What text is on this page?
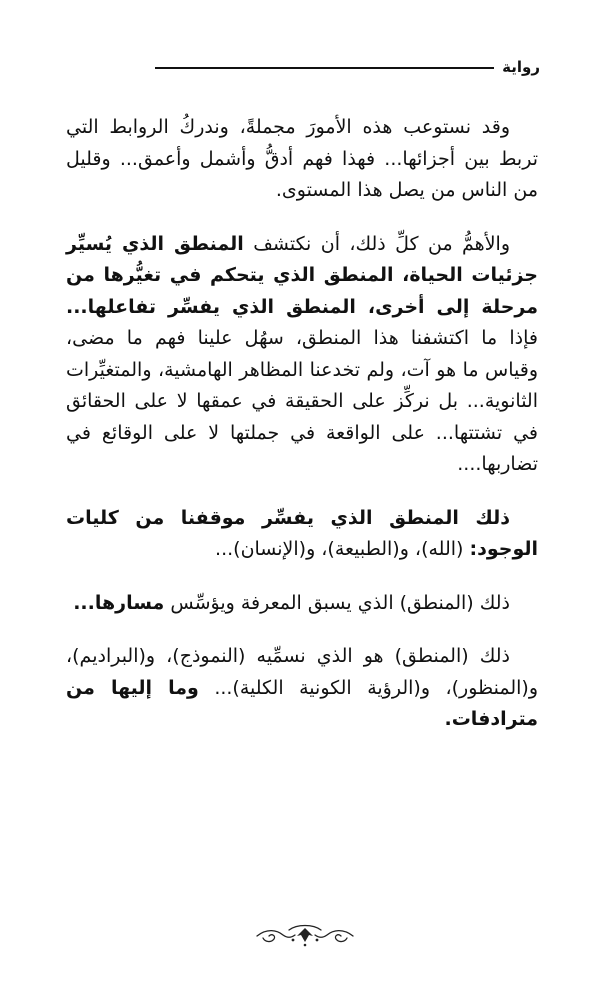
رواية

وقد نستوعب هذه الأمورَ مجملةً، وندركُ الروابط التي تربط بين أجزائها... فهذا فهم أدقُّ وأشمل وأعمق... وقليل من الناس من يصل هذا المستوى.

والأهمُّ من كلِّ ذلك، أن نكتشف المنطق الذي يُسيِّر جزئيات الحياة، المنطق الذي يتحكم في تغيُّرها من مرحلة إلى أخرى، المنطق الذي يفسِّر تفاعلها... فإذا ما اكتشفنا هذا المنطق، سهُل علينا فهم ما مضى، وقياس ما هو آت، ولم تخدعنا المظاهر الهامشية، والمتغيِّرات الثانوية... بل نركِّز على الحقيقة في عمقها لا على الحقائق في تشتتها... على الواقعة في جملتها لا على الوقائع في تضاربها....

ذلك المنطق الذي يفسِّر موقفنا من كليات الوجود: (الله)، و(الطبيعة)، و(الإنسان)...

ذلك (المنطق) الذي يسبق المعرفة ويؤسِّس مسارها...

ذلك (المنطق) هو الذي نسمِّيه (النموذج)، و(البراديم)، و(المنظور)، و(الرؤية الكونية الكلية)... وما إليها من مترادفات.
